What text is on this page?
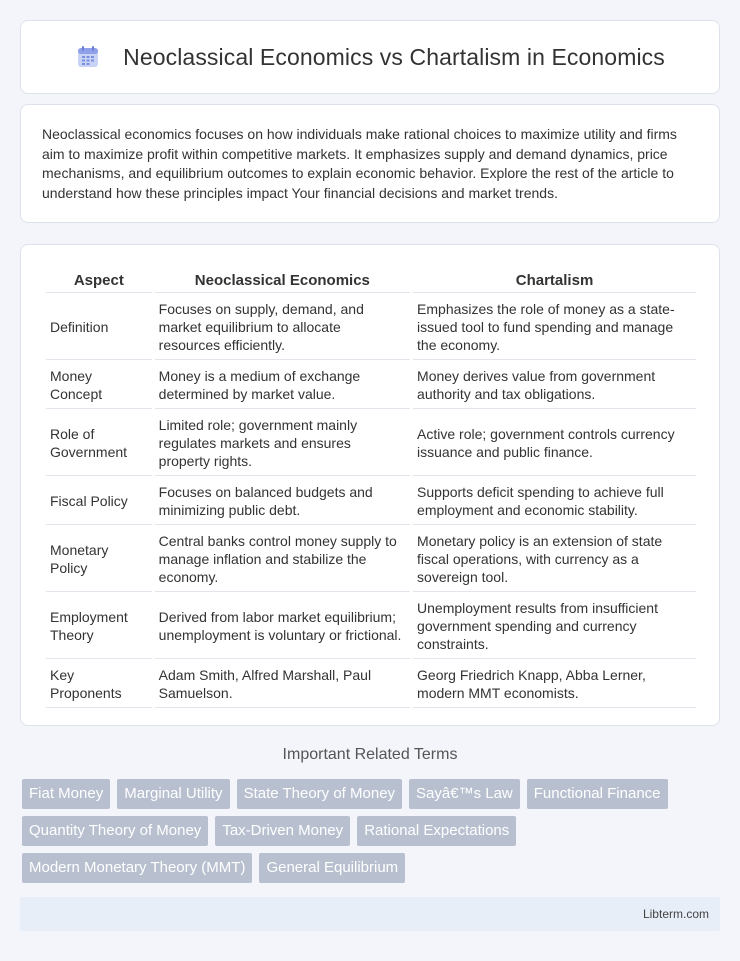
Neoclassical Economics vs Chartalism in Economics

Neoclassical economics focuses on how individuals make rational choices to maximize utility and firms aim to maximize profit within competitive markets. It emphasizes supply and demand dynamics, price mechanisms, and equilibrium outcomes to explain economic behavior. Explore the rest of the article to understand how these principles impact Your financial decisions and market trends.

Aspect	Neoclassical Economics	Chartalism
Definition	Focuses on supply, demand, and market equilibrium to allocate resources efficiently.	Emphasizes the role of money as a state-issued tool to fund spending and manage the economy.
Money Concept	Money is a medium of exchange determined by market value.	Money derives value from government authority and tax obligations.
Role of Government	Limited role; government mainly regulates markets and ensures property rights.	Active role; government controls currency issuance and public finance.
Fiscal Policy	Focuses on balanced budgets and minimizing public debt.	Supports deficit spending to achieve full employment and economic stability.
Monetary Policy	Central banks control money supply to manage inflation and stabilize the economy.	Monetary policy is an extension of state fiscal operations, with currency as a sovereign tool.
Employment Theory	Derived from labor market equilibrium; unemployment is voluntary or frictional.	Unemployment results from insufficient government spending and currency constraints.
Key Proponents	Adam Smith, Alfred Marshall, Paul Samuelson.	Georg Friedrich Knapp, Abba Lerner, modern MMT economists.
Important Related Terms
Fiat Money	Marginal Utility	State Theory of Money	Sayâ€™s Law	Functional Finance
Quantity Theory of Money	Tax-Driven Money	Rational Expectations
Modern Monetary Theory (MMT)	General Equilibrium
Libterm.com
